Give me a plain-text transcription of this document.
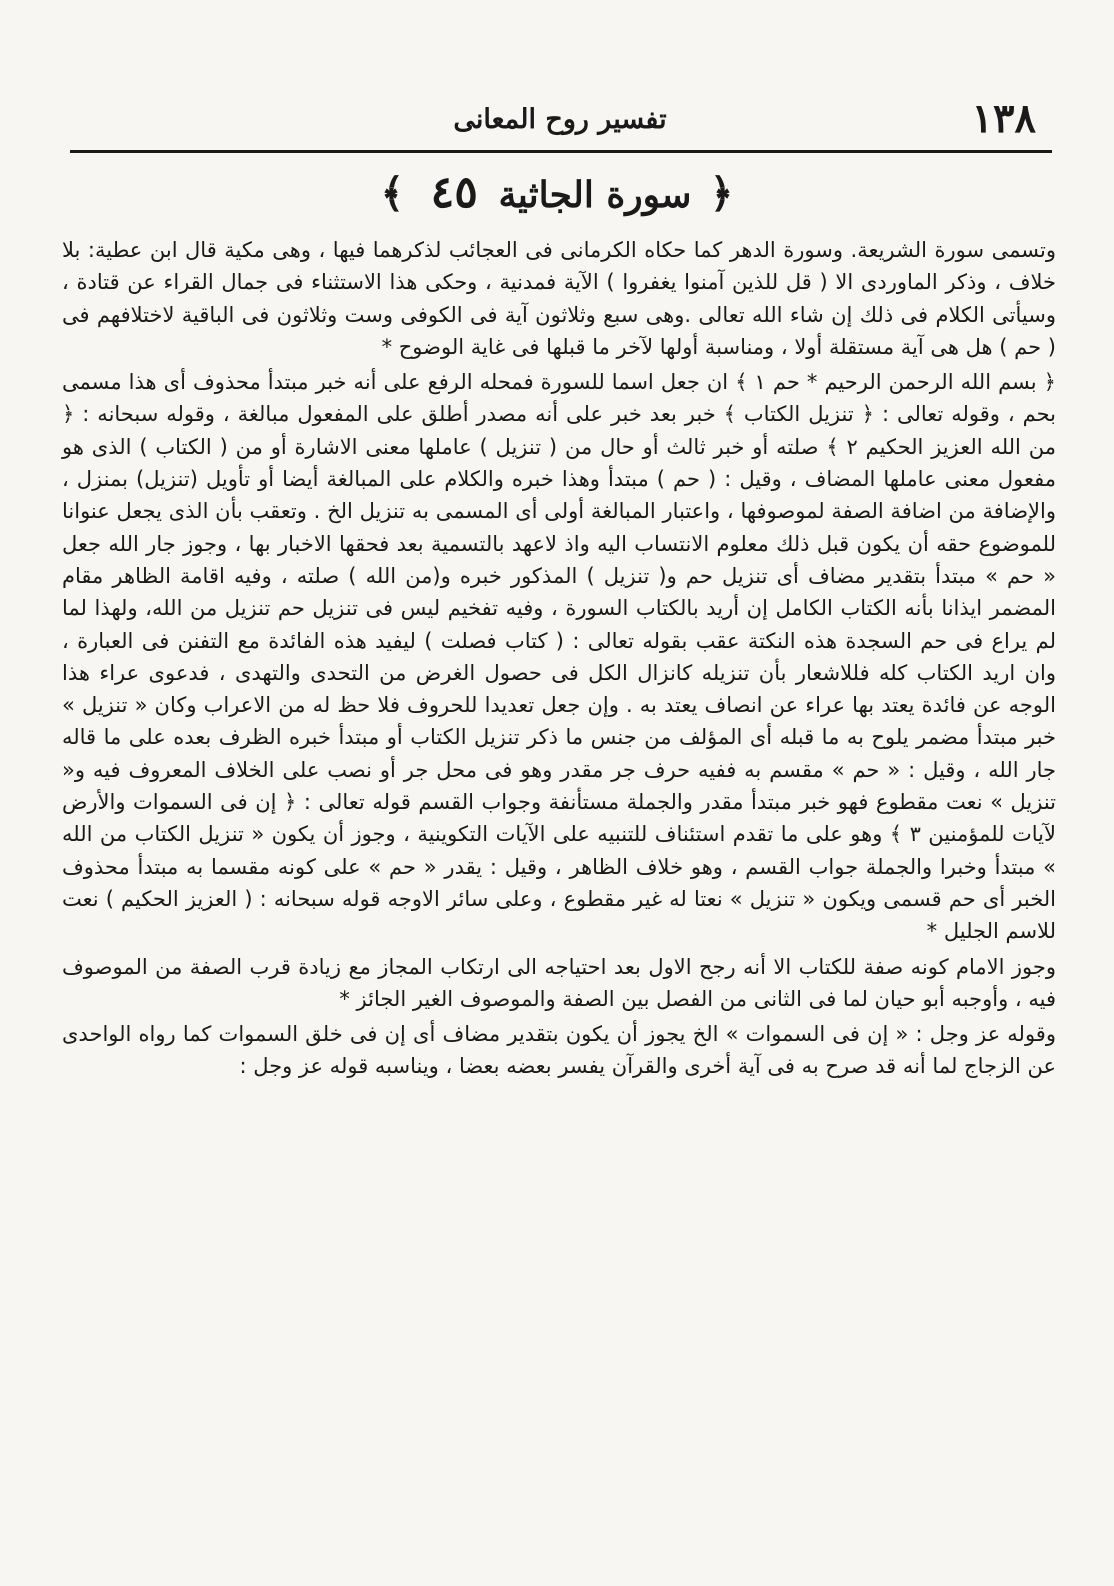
١٣٨
تفسير روح المعانى
﴿ سورة الجاثية ٤٥ ﴾

وتسمى سورة الشريعة. وسورة الدهر كما حكاه الكرمانى فى العجائب لذكرهما فيها ، وهى مكية قال ابن عطية: بلا خلاف ، وذكر الماوردى الا ( قل للذين آمنوا يغفروا ) الآية فمدنية ، وحكى هذا الاستثناء فى جمال القراء عن قتادة ، وسيأتى الكلام فى ذلك إن شاء الله تعالى .وهى سبع وثلاثون آية فى الكوفى وست وثلاثون فى الباقية لاختلافهم فى ( حم ) هل هى آية مستقلة أولا ، ومناسبة أولها لآخر ما قبلها فى غاية الوضوح *

﴿ بسم الله الرحمن الرحيم * حم ١ ﴾ ان جعل اسما للسورة فمحله الرفع على أنه خبر مبتدأ محذوف أى هذا مسمى بحم ، وقوله تعالى : ﴿ تنزيل الكتاب ﴾ خبر بعد خبر على أنه مصدر أطلق على المفعول مبالغة ، وقوله سبحانه : ﴿ من الله العزيز الحكيم ٢ ﴾ صلته أو خبر ثالث أو حال من ( تنزيل ) عاملها معنى الاشارة أو من ( الكتاب ) الذى هو مفعول معنى عاملها المضاف ، وقيل : ( حم ) مبتدأ وهذا خبره والكلام على المبالغة أيضا أو تأويل (تنزيل) بمنزل ، والإضافة من اضافة الصفة لموصوفها ، واعتبار المبالغة أولى أى المسمى به تنزيل الخ . وتعقب بأن الذى يجعل عنوانا للموضوع حقه أن يكون قبل ذلك معلوم الانتساب اليه واذ لاعهد بالتسمية بعد فحقها الاخبار بها ، وجوز جار الله جعل « حم » مبتدأ بتقدير مضاف أى تنزيل حم و( تنزيل ) المذكور خبره و(من الله ) صلته ، وفيه اقامة الظاهر مقام المضمر ايذانا بأنه الكتاب الكامل إن أريد بالكتاب السورة ، وفيه تفخيم ليس فى تنزيل حم تنزيل من الله، ولهذا لما لم يراع فى حم السجدة هذه النكتة عقب بقوله تعالى : ( كتاب فصلت ) ليفيد هذه الفائدة مع التفنن فى العبارة ، وان اريد الكتاب كله فللاشعار بأن تنزيله كانزال الكل فى حصول الغرض من التحدى والتهدى ، فدعوى عراء هذا الوجه عن فائدة يعتد بها عراء عن انصاف يعتد به . وإن جعل تعديدا للحروف فلا حظ له من الاعراب وكان « تنزيل » خبر مبتدأ مضمر يلوح به ما قبله أى المؤلف من جنس ما ذكر تنزيل الكتاب أو مبتدأ خبره الظرف بعده على ما قاله جار الله ، وقيل : « حم » مقسم به ففيه حرف جر مقدر وهو فى محل جر أو نصب على الخلاف المعروف فيه و« تنزيل » نعت مقطوع فهو خبر مبتدأ مقدر والجملة مستأنفة وجواب القسم قوله تعالى : ﴿ إن فى السموات والأرض لآيات للمؤمنين ٣ ﴾ وهو على ما تقدم استئناف للتنبيه على الآيات التكوينية ، وجوز أن يكون « تنزيل الكتاب من الله » مبتدأ وخبرا والجملة جواب القسم ، وهو خلاف الظاهر ، وقيل : يقدر « حم » على كونه مقسما به مبتدأ محذوف الخبر أى حم قسمى ويكون « تنزيل » نعتا له غير مقطوع ، وعلى سائر الاوجه قوله سبحانه : ( العزيز الحكيم ) نعت للاسم الجليل *

وجوز الامام كونه صفة للكتاب الا أنه رجح الاول بعد احتياجه الى ارتكاب المجاز مع زيادة قرب الصفة من الموصوف فيه ، وأوجبه أبو حيان لما فى الثانى من الفصل بين الصفة والموصوف الغير الجائز *

وقوله عز وجل : « إن فى السموات » الخ يجوز أن يكون بتقدير مضاف أى إن فى خلق السموات كما رواه الواحدى عن الزجاج لما أنه قد صرح به فى آية أخرى والقرآن يفسر بعضه بعضا ، ويناسبه قوله عز وجل :
